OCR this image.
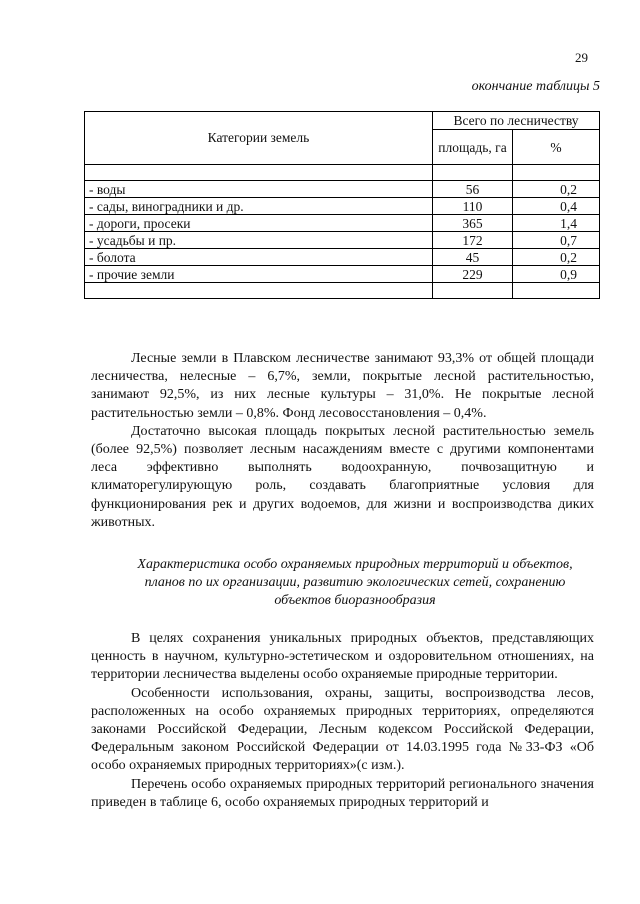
29
окончание таблицы 5
Категории земель	Всего по лесничеству	
	площадь, га	%

- воды	56	0,2
- сады, виноградники и др.	110	0,4
- дороги, просеки	365	1,4
- усадьбы и пр.	172	0,7
- болота	45	0,2
- прочие земли	229	0,9

Лесные земли в Плавском лесничестве занимают 93,3% от общей площади лесничества, нелесные – 6,7%, земли, покрытые лесной растительностью, занимают 92,5%, из них лесные культуры – 31,0%. Не покрытые лесной растительностью земли – 0,8%. Фонд лесовосстановления – 0,4%.

Достаточно высокая площадь покрытых лесной растительностью земель (более 92,5%) позволяет лесным насаждениям вместе с другими компонентами леса эффективно выполнять водоохранную, почвозащитную и климаторегулирующую роль, создавать благоприятные условия для функционирования рек и других водоемов, для жизни и воспроизводства диких животных.

Характеристика особо охраняемых природных территорий и объектов, планов по их организации, развитию экологических сетей, сохранению объектов биоразнообразия

В целях сохранения уникальных природных объектов, представляющих ценность в научном, культурно-эстетическом и оздоровительном отношениях, на территории лесничества выделены особо охраняемые природные территории.

Особенности использования, охраны, защиты, воспроизводства лесов, расположенных на особо охраняемых природных территориях, определяются законами Российской Федерации, Лесным кодексом Российской Федерации, Федеральным законом Российской Федерации от 14.03.1995 года №33-ФЗ «Об особо охраняемых природных территориях»(с изм.).

Перечень особо охраняемых природных территорий регионального значения приведен в таблице 6, особо охраняемых природных территорий и
